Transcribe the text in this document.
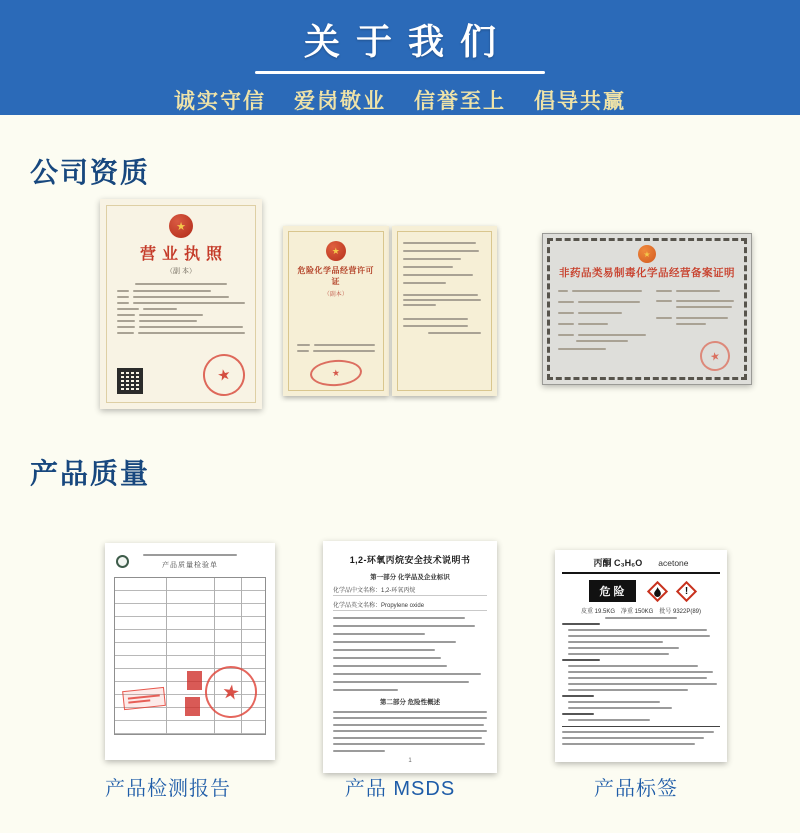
关于我们
诚实守信 爱岗敬业 信誉至上 倡导共赢
公司资质
★
营业执照
（副 本）
★
★
危险化学品经营许可证
（副本）
★
★
非药品类易制毒化学品经营备案证明
★
产品质量
产品质量检验单
★
1,2-环氧丙烷安全技术说明书
第一部分 化学品及企业标识
化学品中文名称：1,2-环氧丙烷
化学品英文名称：Propylene oxide
第二部分 危险性概述
1
丙酮 C₃H₆O acetone
危险	!
皮重 19.5KG　净重 150KG　批号 9322P(89)
产品检测报告	产品 MSDS	产品标签
